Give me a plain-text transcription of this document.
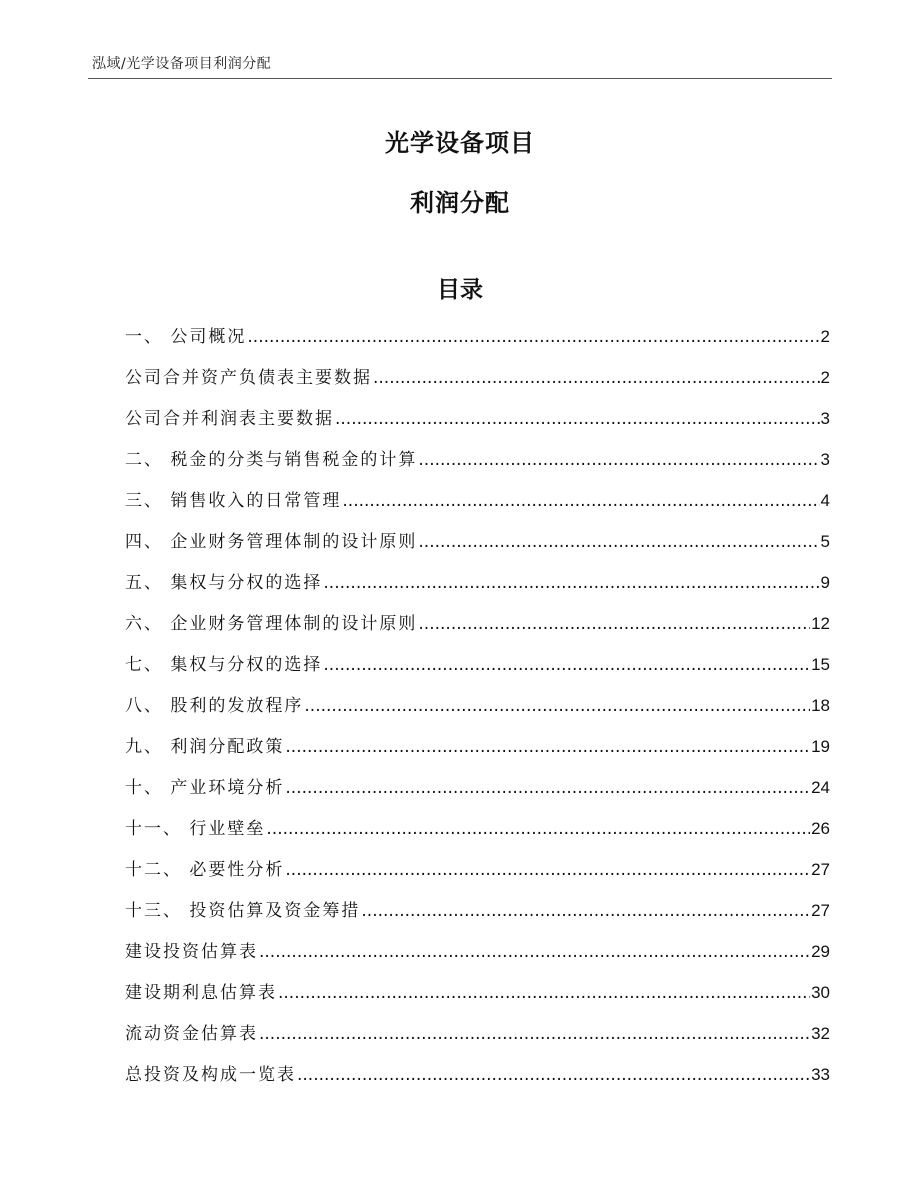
泓域/光学设备项目利润分配
光学设备项目
利润分配
目录
一、 公司概况 .....	2
公司合并资产负债表主要数据 .....	2
公司合并利润表主要数据 .....	3
二、 税金的分类与销售税金的计算 .....	3
三、 销售收入的日常管理 .....	4
四、 企业财务管理体制的设计原则 .....	5
五、 集权与分权的选择 .....	9
六、 企业财务管理体制的设计原则 .....	12
七、 集权与分权的选择 .....	15
八、 股利的发放程序 .....	18
九、 利润分配政策 .....	19
十、 产业环境分析 .....	24
十一、 行业壁垒 .....	26
十二、 必要性分析 .....	27
十三、 投资估算及资金筹措 .....	27
建设投资估算表 .....	29
建设期利息估算表 .....	30
流动资金估算表 .....	32
总投资及构成一览表 .....	33
